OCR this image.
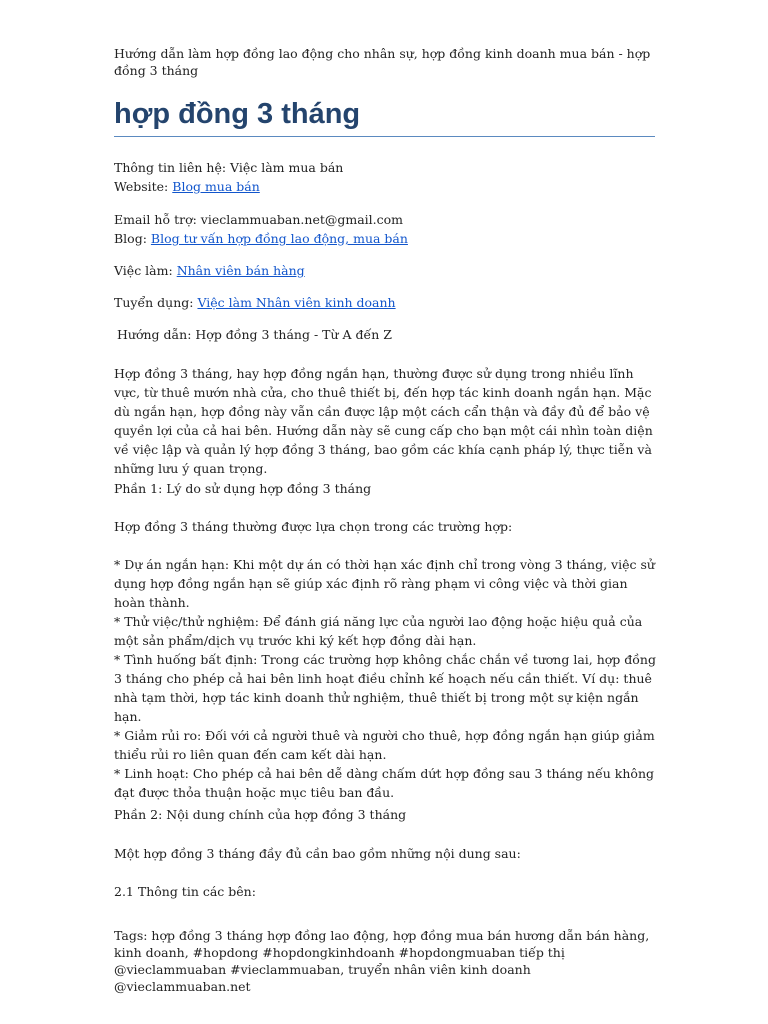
Hướng dẫn làm hợp đồng lao động cho nhân sự, hợp đồng kinh doanh mua bán - hợp đồng 3 tháng

hợp đồng 3 tháng
Thông tin liên hệ: Việc làm mua bán
Website: Blog mua bán
Email hỗ trợ: vieclammuaban.net@gmail.com
Blog: Blog tư vấn hợp đồng lao động, mua bán
Việc làm: Nhân viên bán hàng
Tuyển dụng: Việc làm Nhân viên kinh doanh

Hướng dẫn: Hợp đồng 3 tháng - Từ A đến Z

Hợp đồng 3 tháng, hay hợp đồng ngắn hạn, thường được sử dụng trong nhiều lĩnh vực, từ thuê mướn nhà cửa, cho thuê thiết bị, đến hợp tác kinh doanh ngắn hạn. Mặc dù ngắn hạn, hợp đồng này vẫn cần được lập một cách cẩn thận và đầy đủ để bảo vệ quyền lợi của cả hai bên. Hướng dẫn này sẽ cung cấp cho bạn một cái nhìn toàn diện về việc lập và quản lý hợp đồng 3 tháng, bao gồm các khía cạnh pháp lý, thực tiễn và những lưu ý quan trọng.

Phần 1: Lý do sử dụng hợp đồng 3 tháng

Hợp đồng 3 tháng thường được lựa chọn trong các trường hợp:

* Dự án ngắn hạn: Khi một dự án có thời hạn xác định chỉ trong vòng 3 tháng, việc sử dụng hợp đồng ngắn hạn sẽ giúp xác định rõ ràng phạm vi công việc và thời gian hoàn thành.
* Thử việc/thử nghiệm: Để đánh giá năng lực của người lao động hoặc hiệu quả của một sản phẩm/dịch vụ trước khi ký kết hợp đồng dài hạn.
* Tình huống bất định: Trong các trường hợp không chắc chắn về tương lai, hợp đồng 3 tháng cho phép cả hai bên linh hoạt điều chỉnh kế hoạch nếu cần thiết. Ví dụ: thuê nhà tạm thời, hợp tác kinh doanh thử nghiệm, thuê thiết bị trong một sự kiện ngắn hạn.
* Giảm rủi ro: Đối với cả người thuê và người cho thuê, hợp đồng ngắn hạn giúp giảm thiểu rủi ro liên quan đến cam kết dài hạn.
* Linh hoạt: Cho phép cả hai bên dễ dàng chấm dứt hợp đồng sau 3 tháng nếu không đạt được thỏa thuận hoặc mục tiêu ban đầu.

Phần 2: Nội dung chính của hợp đồng 3 tháng

Một hợp đồng 3 tháng đầy đủ cần bao gồm những nội dung sau:

2.1 Thông tin các bên:

Tags: hợp đồng 3 tháng hợp đồng lao động, hợp đồng mua bán hương dẫn bán hàng, kinh doanh, #hopdong #hopdongkinhdoanh #hopdongmuaban tiếp thị @vieclammuaban #vieclammuaban, truyển nhân viên kinh doanh @vieclammuaban.net
